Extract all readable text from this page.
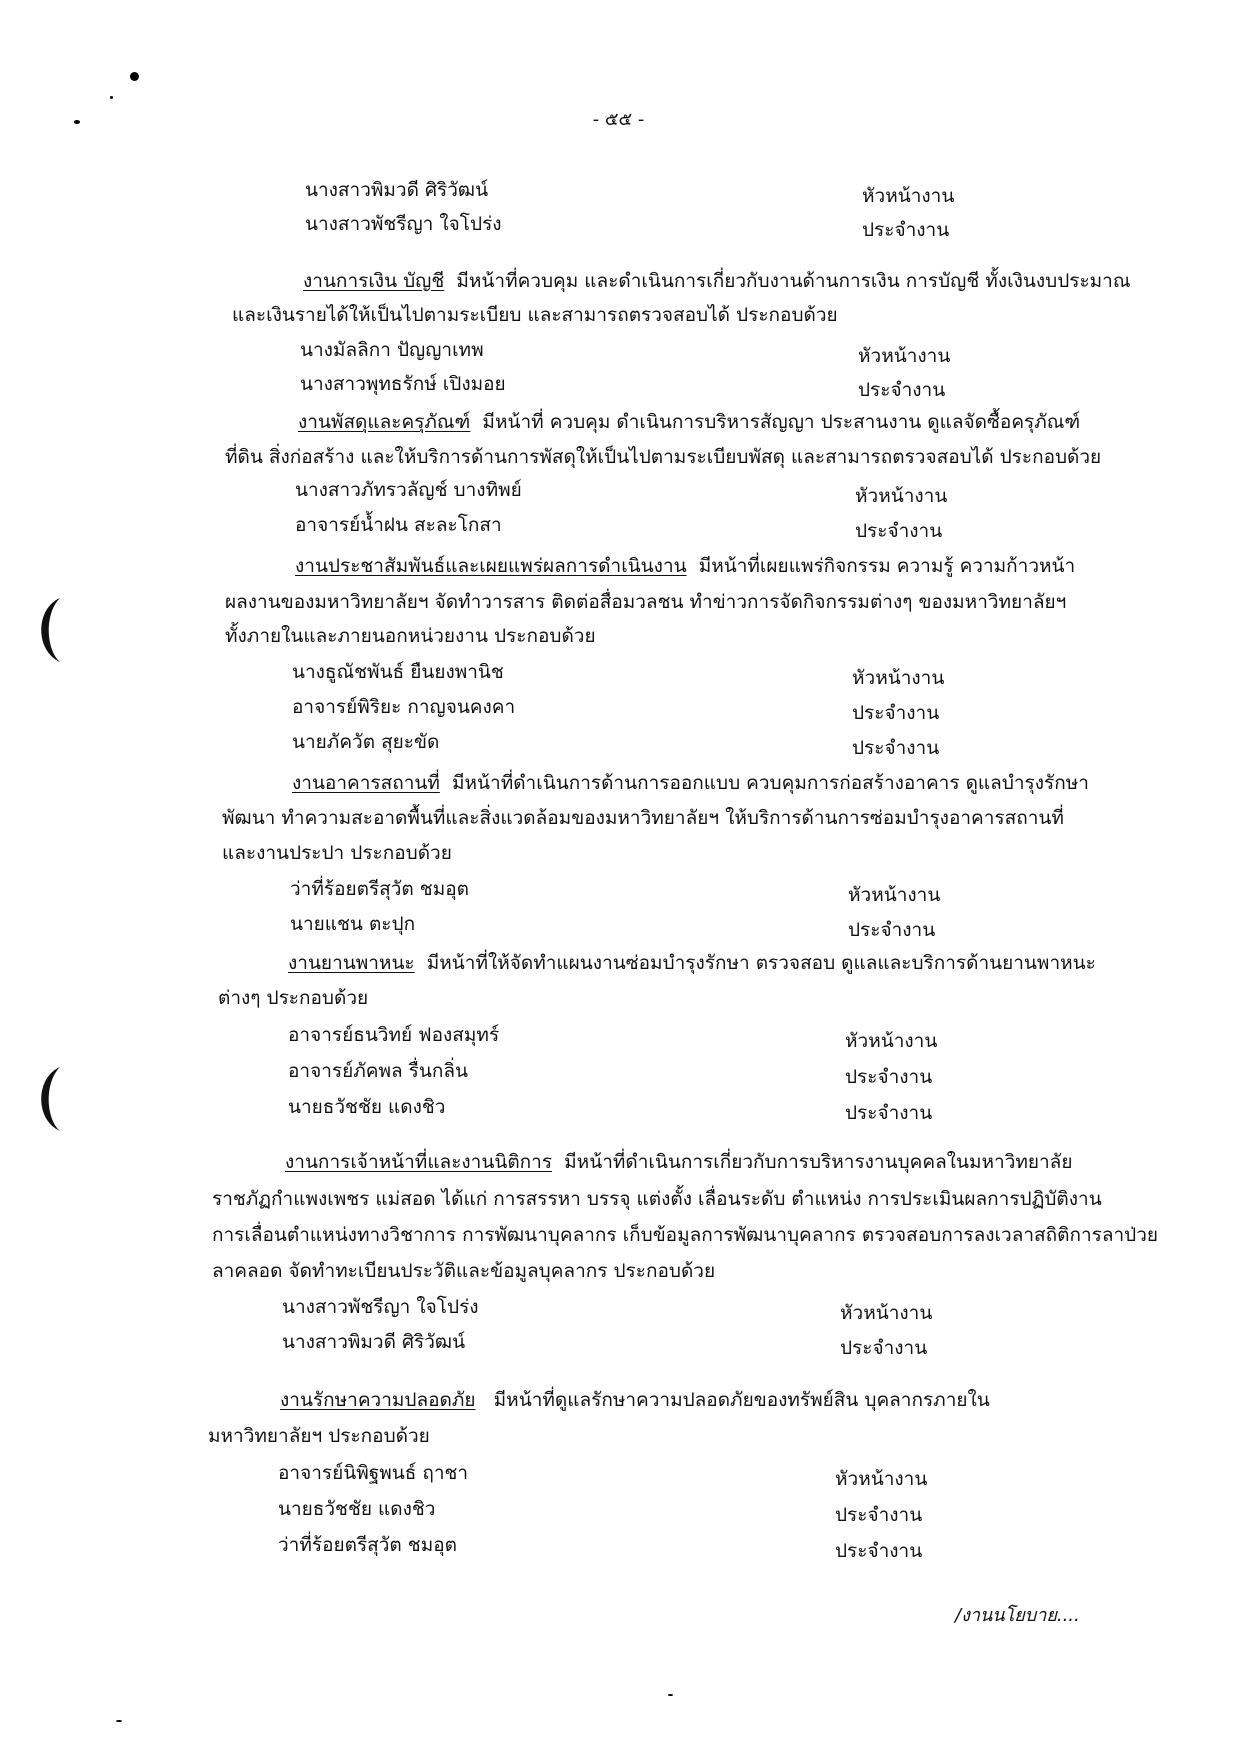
- ๕๕ -
นางสาวพิมวดี ศิริวัฒน์	หัวหน้างาน
นางสาวพัชรีญา ใจโปร่ง	ประจำงาน
งานการเงิน บัญชี มีหน้าที่ควบคุม และดำเนินการเกี่ยวกับงานด้านการเงิน การบัญชี ทั้งเงินงบประมาณ
และเงินรายได้ให้เป็นไปตามระเบียบ และสามารถตรวจสอบได้ ประกอบด้วย
นางมัลลิกา ปัญญาเทพ	หัวหน้างาน
นางสาวพุทธรักษ์ เปิงมอย	ประจำงาน
งานพัสดุและครุภัณฑ์ มีหน้าที่ ควบคุม ดำเนินการบริหารสัญญา ประสานงาน ดูแลจัดซื้อครุภัณฑ์
ที่ดิน สิ่งก่อสร้าง และให้บริการด้านการพัสดุให้เป็นไปตามระเบียบพัสดุ และสามารถตรวจสอบได้ ประกอบด้วย
นางสาวภัทรวลัญช์ บางทิพย์	หัวหน้างาน
อาจารย์น้ำฝน สะละโกสา	ประจำงาน
งานประชาสัมพันธ์และเผยแพร่ผลการดำเนินงาน มีหน้าที่เผยแพร่กิจกรรม ความรู้ ความก้าวหน้า
ผลงานของมหาวิทยาลัยฯ จัดทำวารสาร ติดต่อสื่อมวลชน ทำข่าวการจัดกิจกรรมต่างๆ ของมหาวิทยาลัยฯ
ทั้งภายในและภายนอกหน่วยงาน ประกอบด้วย
นางธูณัชพันธ์ ยืนยงพานิช	หัวหน้างาน
อาจารย์พิริยะ กาญจนคงคา	ประจำงาน
นายภัควัต สุยะขัด	ประจำงาน
งานอาคารสถานที่ มีหน้าที่ดำเนินการด้านการออกแบบ ควบคุมการก่อสร้างอาคาร ดูแลบำรุงรักษา
พัฒนา ทำความสะอาดพื้นที่และสิ่งแวดล้อมของมหาวิทยาลัยฯ ให้บริการด้านการซ่อมบำรุงอาคารสถานที่
และงานประปา ประกอบด้วย
ว่าที่ร้อยตรีสุวัต ชมอุต	หัวหน้างาน
นายแชน ตะปุก	ประจำงาน
งานยานพาหนะ มีหน้าที่ให้จัดทำแผนงานซ่อมบำรุงรักษา ตรวจสอบ ดูแลและบริการด้านยานพาหนะ
ต่างๆ ประกอบด้วย
อาจารย์ธนวิทย์ ฟองสมุทร์	หัวหน้างาน
อาจารย์ภัคพล รื่นกลิ่น	ประจำงาน
นายธวัชชัย แดงชิว	ประจำงาน
งานการเจ้าหน้าที่และงานนิติการ มีหน้าที่ดำเนินการเกี่ยวกับการบริหารงานบุคคลในมหาวิทยาลัย
ราชภัฏกำแพงเพชร แม่สอด ได้แก่ การสรรหา บรรจุ แต่งตั้ง เลื่อนระดับ ตำแหน่ง การประเมินผลการปฏิบัติงาน
การเลื่อนตำแหน่งทางวิชาการ การพัฒนาบุคลากร เก็บข้อมูลการพัฒนาบุคลากร ตรวจสอบการลงเวลาสถิติการลาป่วย
ลาคลอด จัดทำทะเบียนประวัติและข้อมูลบุคลากร ประกอบด้วย
นางสาวพัชรีญา ใจโปร่ง	หัวหน้างาน
นางสาวพิมวดี ศิริวัฒน์	ประจำงาน
งานรักษาความปลอดภัย มีหน้าที่ดูแลรักษาความปลอดภัยของทรัพย์สิน บุคลากรภายใน
มหาวิทยาลัยฯ ประกอบด้วย
อาจารย์นิพิฐพนธ์ ฤาชา	หัวหน้างาน
นายธวัชชัย แดงชิว	ประจำงาน
ว่าที่ร้อยตรีสุวัต ชมอุต	ประจำงาน
/งานนโยบาย....
